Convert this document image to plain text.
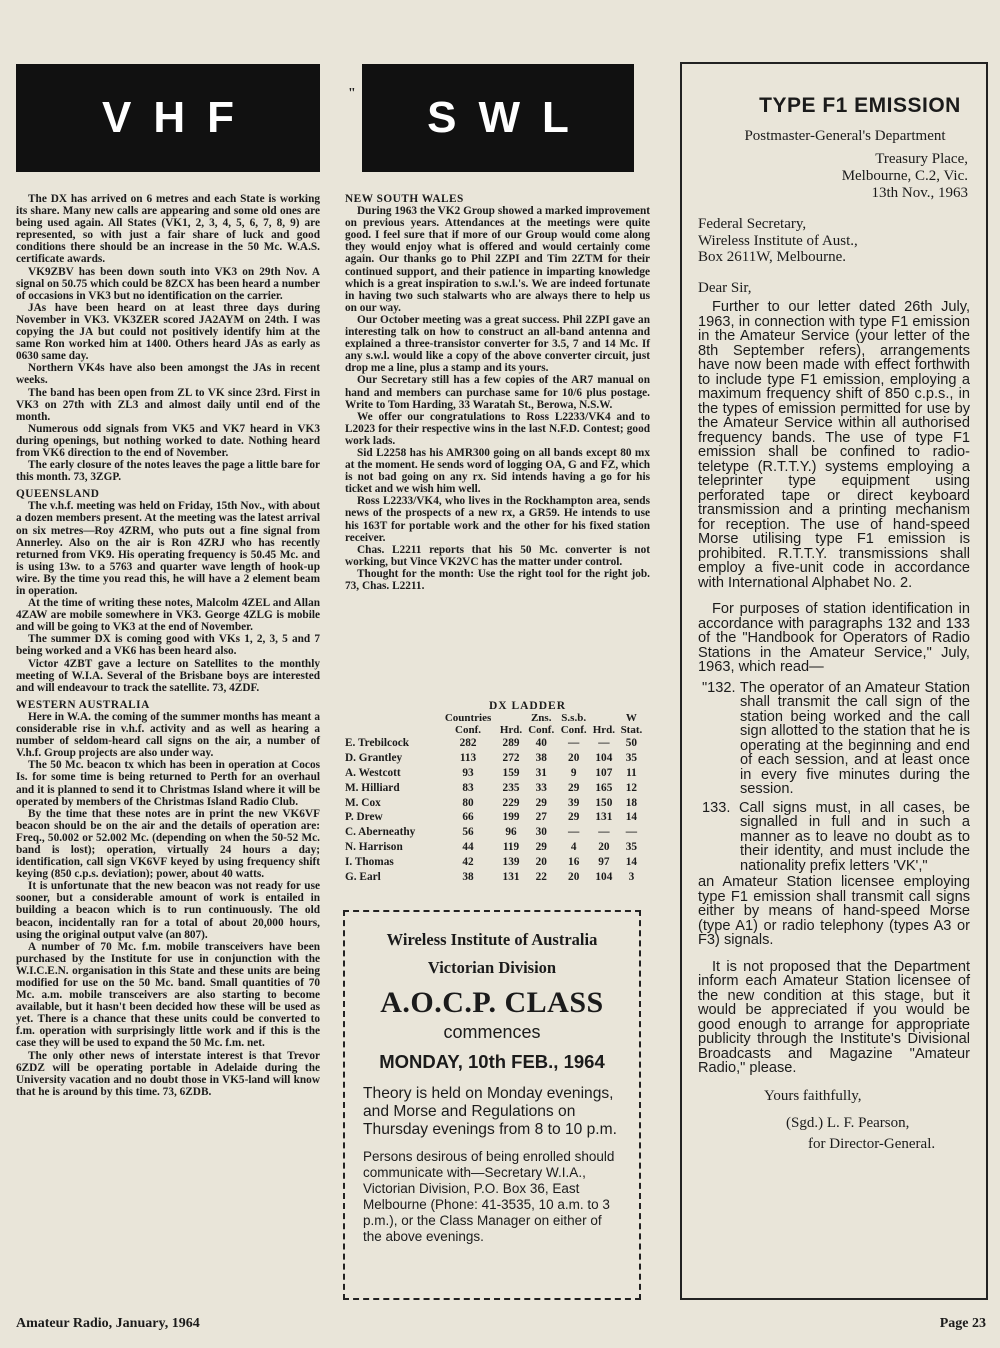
VHF

The DX has arrived on 6 metres and each State is working its share. Many new calls are appearing and some old ones are being used again. All States (VK1, 2, 3, 4, 5, 6, 7, 8, 9) are represented, so with just a fair share of luck and good conditions there should be an increase in the 50 Mc. W.A.S. certificate awards.

VK9ZBV has been down south into VK3 on 29th Nov. A signal on 50.75 which could be 8ZCX has been heard a number of occasions in VK3 but no identification on the carrier.

JAs have been heard on at least three days during November in VK3. VK3ZER scored JA2AYM on 24th. I was copying the JA but could not positively identify him at the same Ron worked him at 1400. Others heard JAs as early as 0630 same day.

Northern VK4s have also been amongst the JAs in recent weeks.

The band has been open from ZL to VK since 23rd. First in VK3 on 27th with ZL3 and almost daily until end of the month.

Numerous odd signals from VK5 and VK7 heard in VK3 during openings, but nothing worked to date. Nothing heard from VK6 direction to the end of November.

The early closure of the notes leaves the page a little bare for this month. 73, 3ZGP.

QUEENSLAND

The v.h.f. meeting was held on Friday, 15th Nov., with about a dozen members present. At the meeting was the latest arrival on six metres—Roy 4ZRM, who puts out a fine signal from Annerley. Also on the air is Ron 4ZRJ who has recently returned from VK9. His operating frequency is 50.45 Mc. and is using 13w. to a 5763 and quarter wave length of hook-up wire. By the time you read this, he will have a 2 element beam in operation.

At the time of writing these notes, Malcolm 4ZEL and Allan 4ZAW are mobile somewhere in VK3. George 4ZLG is mobile and will be going to VK3 at the end of November.

The summer DX is coming good with VKs 1, 2, 3, 5 and 7 being worked and a VK6 has been heard also.

Victor 4ZBT gave a lecture on Satellites to the monthly meeting of W.I.A. Several of the Brisbane boys are interested and will endeavour to track the satellite. 73, 4ZDF.

WESTERN AUSTRALIA

Here in W.A. the coming of the summer months has meant a considerable rise in v.h.f. activity and as well as hearing a number of seldom-heard call signs on the air, a number of V.h.f. Group projects are also under way.

The 50 Mc. beacon tx which has been in operation at Cocos Is. for some time is being returned to Perth for an overhaul and it is planned to send it to Christmas Island where it will be operated by members of the Christmas Island Radio Club.

By the time that these notes are in print the new VK6VF beacon should be on the air and the details of operation are: Freq., 50.002 or 52.002 Mc. (depending on when the 50-52 Mc. band is lost); operation, virtually 24 hours a day; identification, call sign VK6VF keyed by using frequency shift keying (850 c.p.s. deviation); power, about 40 watts.

It is unfortunate that the new beacon was not ready for use sooner, but a considerable amount of work is entailed in building a beacon which is to run continuously. The old beacon, incidentally ran for a total of about 20,000 hours, using the original output valve (an 807).

A number of 70 Mc. f.m. mobile transceivers have been purchased by the Institute for use in conjunction with the W.I.C.E.N. organisation in this State and these units are being modified for use on the 50 Mc. band. Small quantities of 70 Mc. a.m. mobile transceivers are also starting to become available, but it hasn't been decided how these will be used as yet. There is a chance that these units could be converted to f.m. operation with surprisingly little work and if this is the case they will be used to expand the 50 Mc. f.m. net.

The only other news of interstate interest is that Trevor 6ZDZ will be operating portable in Adelaide during the University vacation and no doubt those in VK5-land will know that he is around by this time. 73, 6ZDB.

"	SWL
NEW SOUTH WALES

During 1963 the VK2 Group showed a marked improvement on previous years. Attendances at the meetings were quite good. I feel sure that if more of our Group would come along they would enjoy what is offered and would certainly come again. Our thanks go to Phil 2ZPI and Tim 2ZTM for their continued support, and their patience in imparting knowledge which is a great inspiration to s.w.l.'s. We are indeed fortunate in having two such stalwarts who are always there to help us on our way.

Our October meeting was a great success. Phil 2ZPI gave an interesting talk on how to construct an all-band antenna and explained a three-transistor converter for 3.5, 7 and 14 Mc. If any s.w.l. would like a copy of the above converter circuit, just drop me a line, plus a stamp and its yours.

Our Secretary still has a few copies of the AR7 manual on hand and members can purchase same for 10/6 plus postage. Write to Tom Harding, 33 Waratah St., Berowa, N.S.W.

We offer our congratulations to Ross L2233/VK4 and to L2023 for their respective wins in the last N.F.D. Contest; good work lads.

Sid L2258 has his AMR300 going on all bands except 80 mx at the moment. He sends word of logging OA, G and FZ, which is not bad going on any rx. Sid intends having a go for his ticket and we wish him well.

Ross L2233/VK4, who lives in the Rockhampton area, sends news of the prospects of a new rx, a GR59. He intends to use his 163T for portable work and the other for his fixed station receiver.

Chas. L2211 reports that his 50 Mc. converter is not working, but Vince VK2VC has the matter under control.

Thought for the month: Use the right tool for the right job. 73, Chas. L2211.

DX LADDER
	Countries		Zns.	S.s.b.		W
	Conf.	Hrd.	Conf.	Conf.	Hrd.	Stat.
E. Trebilcock	282	289	40	—	—	50
D. Grantley	113	272	38	20	104	35
A. Westcott	93	159	31	9	107	11
M. Hilliard	83	235	33	29	165	12
M. Cox	80	229	29	39	150	18
P. Drew	66	199	27	29	131	14
C. Aberneathy	56	96	30	—	—	—
N. Harrison	44	119	29	4	20	35
I. Thomas	42	139	20	16	97	14
G. Earl	38	131	22	20	104	3
Wireless Institute of Australia
Victorian Division
A.O.C.P. CLASS
commences
MONDAY, 10th FEB., 1964
Theory is held on Monday evenings, and Morse and Regulations on Thursday evenings from 8 to 10 p.m.
Persons desirous of being enrolled should communicate with—Secretary W.I.A., Victorian Division, P.O. Box 36, East Melbourne (Phone: 41-3535, 10 a.m. to 3 p.m.), or the Class Manager on either of the above evenings.
TYPE F1 EMISSION
Postmaster-General's Department
Treasury Place,
Melbourne, C.2, Vic.
13th Nov., 1963
Federal Secretary,
Wireless Institute of Aust.,
Box 2611W, Melbourne.
Dear Sir,

Further to our letter dated 26th July, 1963, in connection with type F1 emission in the Amateur Service (your letter of the 8th September refers), arrangements have now been made with effect forthwith to include type F1 emission, employing a maximum frequency shift of 850 c.p.s., in the types of emission permitted for use by the Amateur Service within all authorised frequency bands. The use of type F1 emission shall be confined to radio-teletype (R.T.T.Y.) systems employing a teleprinter type equipment using perforated tape or direct keyboard transmission and a printing mechanism for reception. The use of hand-speed Morse utilising type F1 emission is prohibited. R.T.T.Y. transmissions shall employ a five-unit code in accordance with International Alphabet No. 2.

For purposes of station identification in accordance with paragraphs 132 and 133 of the "Handbook for Operators of Radio Stations in the Amateur Service," July, 1963, which read—

"132. The operator of an Amateur Station shall transmit the call sign of the station being worked and the call sign allotted to the station that he is operating at the beginning and end of each session, and at least once in every five minutes during the session.

133. Call signs must, in all cases, be signalled in full and in such a manner as to leave no doubt as to their identity, and must include the nationality prefix letters 'VK',"

an Amateur Station licensee employing type F1 emission shall transmit call signs either by means of hand-speed Morse (type A1) or radio telephony (types A3 or F3) signals.

It is not proposed that the Department inform each Amateur Station licensee of the new condition at this stage, but it would be appreciated if you would be good enough to arrange for appropriate publicity through the Institute's Divisional Broadcasts and Magazine "Amateur Radio," please.

Yours faithfully,
(Sgd.) L. F. Pearson,
for Director-General.
Amateur Radio, January, 1964	Page 23
